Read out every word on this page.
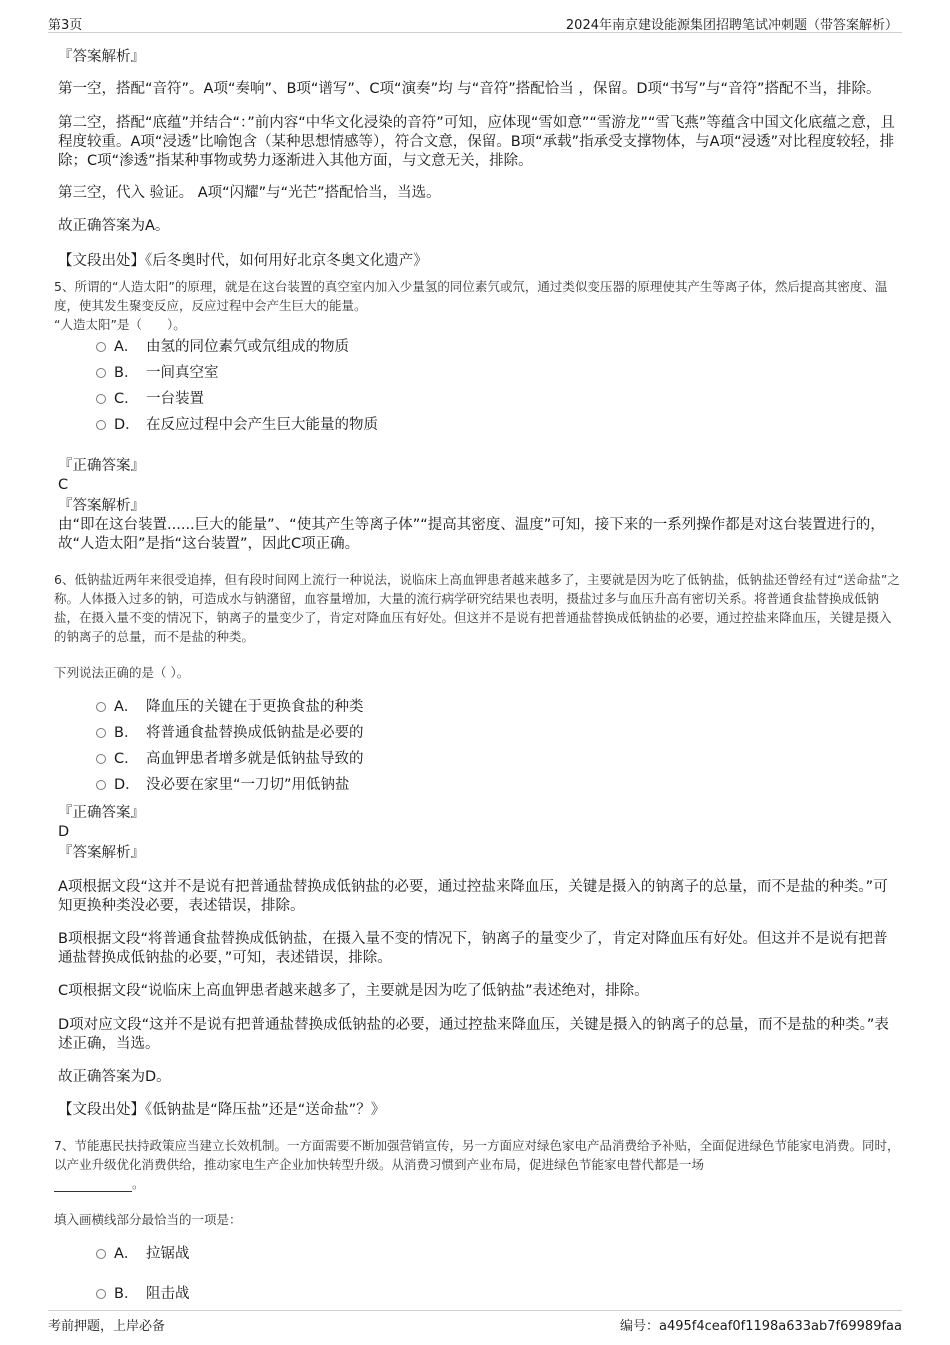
第3页	2024年南京建设能源集团招聘笔试冲刺题（带答案解析）

『答案解析』

第一空，搭配“音符”。A项“奏响”、B项“谱写”、C项“演奏”均 与“音符”搭配恰当 ，保留。D项“书写”与“音符”搭配不当，排除。

第二空，搭配“底蕴”并结合“：”前内容“中华文化浸染的音符”可知，应体现“雪如意”“雪游龙”“雪飞燕”等蕴含中国文化底蕴之意，且程度较重。A项“浸透”比喻饱含（某种思想情感等），符合文意，保留。B项“承载”指承受支撑物体，与A项“浸透”对比程度较轻，排除；C项“渗透”指某种事物或势力逐渐进入其他方面，与文意无关，排除。

第三空，代入 验证。 A项“闪耀”与“光芒”搭配恰当，当选。

故正确答案为A。

【文段出处】《后冬奥时代，如何用好北京冬奥文化遗产》

5、所谓的“人造太阳”的原理，就是在这台装置的真空室内加入少量氢的同位素氕或氘，通过类似变压器的原理使其产生等离子体，然后提高其密度、温度，使其发生聚变反应，反应过程中会产生巨大的能量。

“人造太阳”是（　　）。

A． 由氢的同位素氕或氘组成的物质
B． 一间真空室
C． 一台装置
D． 在反应过程中会产生巨大能量的物质

『正确答案』

C

『答案解析』

由“即在这台装置......巨大的能量”、“使其产生等离子体”“提高其密度、温度”可知，接下来的一系列操作都是对这台装置进行的，故“人造太阳”是指“这台装置”，因此C项正确。

6、低钠盐近两年来很受追捧，但有段时间网上流行一种说法，说临床上高血钾患者越来越多了，主要就是因为吃了低钠盐，低钠盐还曾经有过“送命盐”之称。人体摄入过多的钠，可造成水与钠潴留，血容量增加，大量的流行病学研究结果也表明，摄盐过多与血压升高有密切关系。将普通食盐替换成低钠盐，在摄入量不变的情况下，钠离子的量变少了，肯定对降血压有好处。但这并不是说有把普通盐替换成低钠盐的必要，通过控盐来降血压，关键是摄入的钠离子的总量，而不是盐的种类。

下列说法正确的是（ ）。

A． 降血压的关键在于更换食盐的种类
B． 将普通食盐替换成低钠盐是必要的
C． 高血钾患者增多就是低钠盐导致的
D． 没必要在家里“一刀切”用低钠盐

『正确答案』

D

『答案解析』

A项根据文段“这并不是说有把普通盐替换成低钠盐的必要，通过控盐来降血压，关键是摄入的钠离子的总量，而不是盐的种类。”可知更换种类没必要，表述错误，排除。

B项根据文段“将普通食盐替换成低钠盐，在摄入量不变的情况下，钠离子的量变少了，肯定对降血压有好处。但这并不是说有把普通盐替换成低钠盐的必要，”可知，表述错误，排除。

C项根据文段“说临床上高血钾患者越来越多了，主要就是因为吃了低钠盐”表述绝对，排除。

D项对应文段“这并不是说有把普通盐替换成低钠盐的必要，通过控盐来降血压，关键是摄入的钠离子的总量，而不是盐的种类。”表述正确，当选。

故正确答案为D。

【文段出处】《低钠盐是“降压盐”还是“送命盐”？》

7、节能惠民扶持政策应当建立长效机制。一方面需要不断加强营销宣传，另一方面应对绿色家电产品消费给予补贴，全面促进绿色节能家电消费。同时，以产业升级优化消费供给，推动家电生产企业加快转型升级。从消费习惯到产业布局，促进绿色节能家电替代都是一场
。

填入画横线部分最恰当的一项是：

A． 拉锯战
B． 阻击战
考前押题，上岸必备	编号：a495f4ceaf0f1198a633ab7f69989faa
